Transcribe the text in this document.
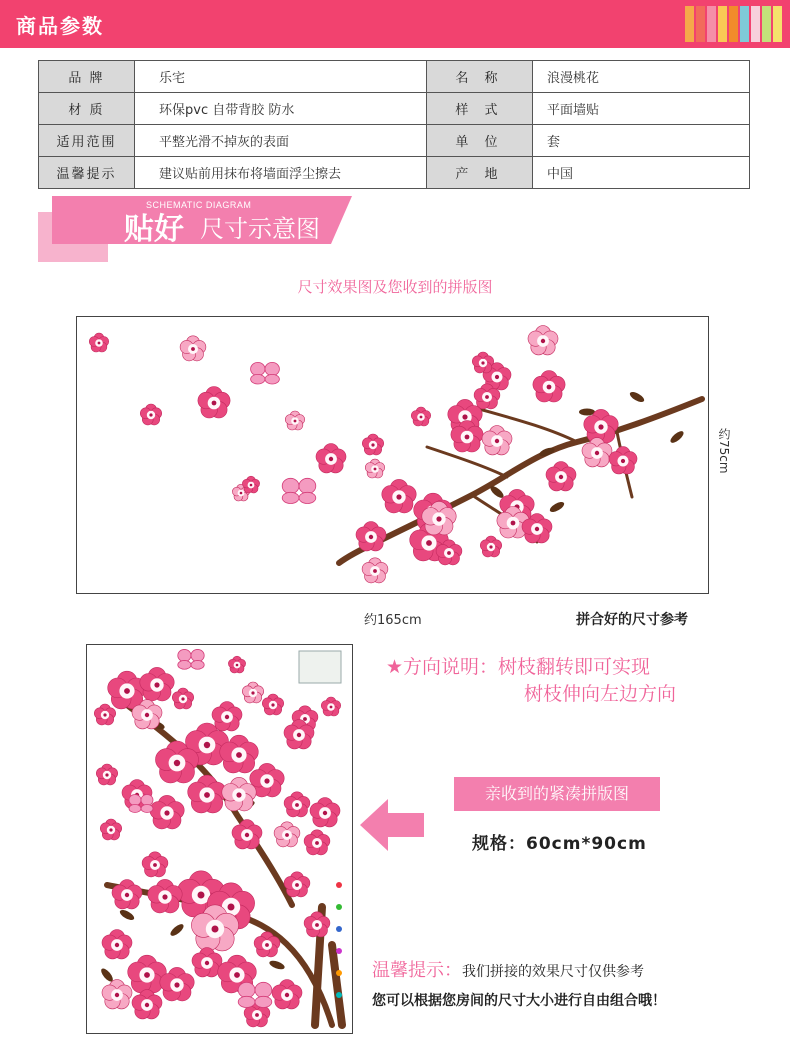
商品参数
品 牌	乐宅	名 称	浪漫桃花
材 质	环保pvc 自带背胶 防水	样 式	平面墙贴
适用范围	平整光滑不掉灰的表面	单 位	套
温馨提示	建议贴前用抹布将墙面浮尘擦去	产 地	中国
SCHEMATIC DIAGRAM
贴好 尺寸示意图
尺寸效果图及您收到的拼版图
约75cm
约165cm	拼合好的尺寸参考
★方向说明：树枝翻转即可实现
树枝伸向左边方向
亲收到的紧凑拼版图
规格：60cm*90cm
温馨提示：我们拼接的效果尺寸仅供参考
您可以根据您房间的尺寸大小进行自由组合哦！
